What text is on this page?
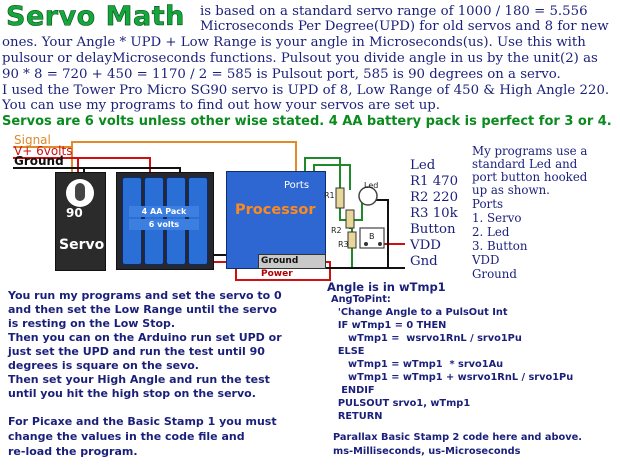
Servo Math is based on a standard servo range of 1000 / 180 = 5.556
Microseconds Per Degree(UPD) for old servos and 8 for new
ones. Your Angle * UPD + Low Range is your angle in Microseconds(us). Use this with
pulsour or delayMicroseconds functions. Pulsout you divide angle in us by the unit(2) as
90 * 8 = 720 + 450 = 1170 / 2 = 585 is Pulsout port, 585 is 90 degrees on a servo.
I used the Tower Pro Micro SG90 servo is UPD of 8, Low Range of 450 & High Angle 220.
You can use my programs to find out how your servos are set up.
Servos are 6 volts unless other wise stated. 4 AA battery pack is perfect for 3 or 4.
Signal
V+ 6volts
Ground
90
Servo
4 AA Pack
6 volts
Ports
Processor
Ground Power
R1
R2
R3
Led
B
Led
R1 470
R2 220
R3 10k
Button
VDD
Gnd
My programs use a
standard Led and
port button hooked
up as shown.
Ports
1. Servo
2. Led
3. Button
VDD
Ground
You run my programs and set the servo to 0
and then set the Low Range until the servo
is resting on the Low Stop.
Then you can on the Arduino run set UPD or
just set the UPD and run the test until 90
degrees is square on the sevo.
Then set your High Angle and run the test
until you hit the high stop on the servo.
For Picaxe and the Basic Stamp 1 you must
change the values in the code file and
re-load the program.
Angle is in wTmp1
AngToPint:
'Change Angle to a PulsOut Int
IF wTmp1 = 0 THEN
wTmp1 =  wsrvo1RnL / srvo1Pu
ELSE
wTmp1 = wTmp1  * srvo1Au
wTmp1 = wTmp1 + wsrvo1RnL / srvo1Pu
ENDIF
PULSOUT srvo1, wTmp1
RETURN
Parallax Basic Stamp 2 code here and above.
ms-Milliseconds, us-Microseconds
